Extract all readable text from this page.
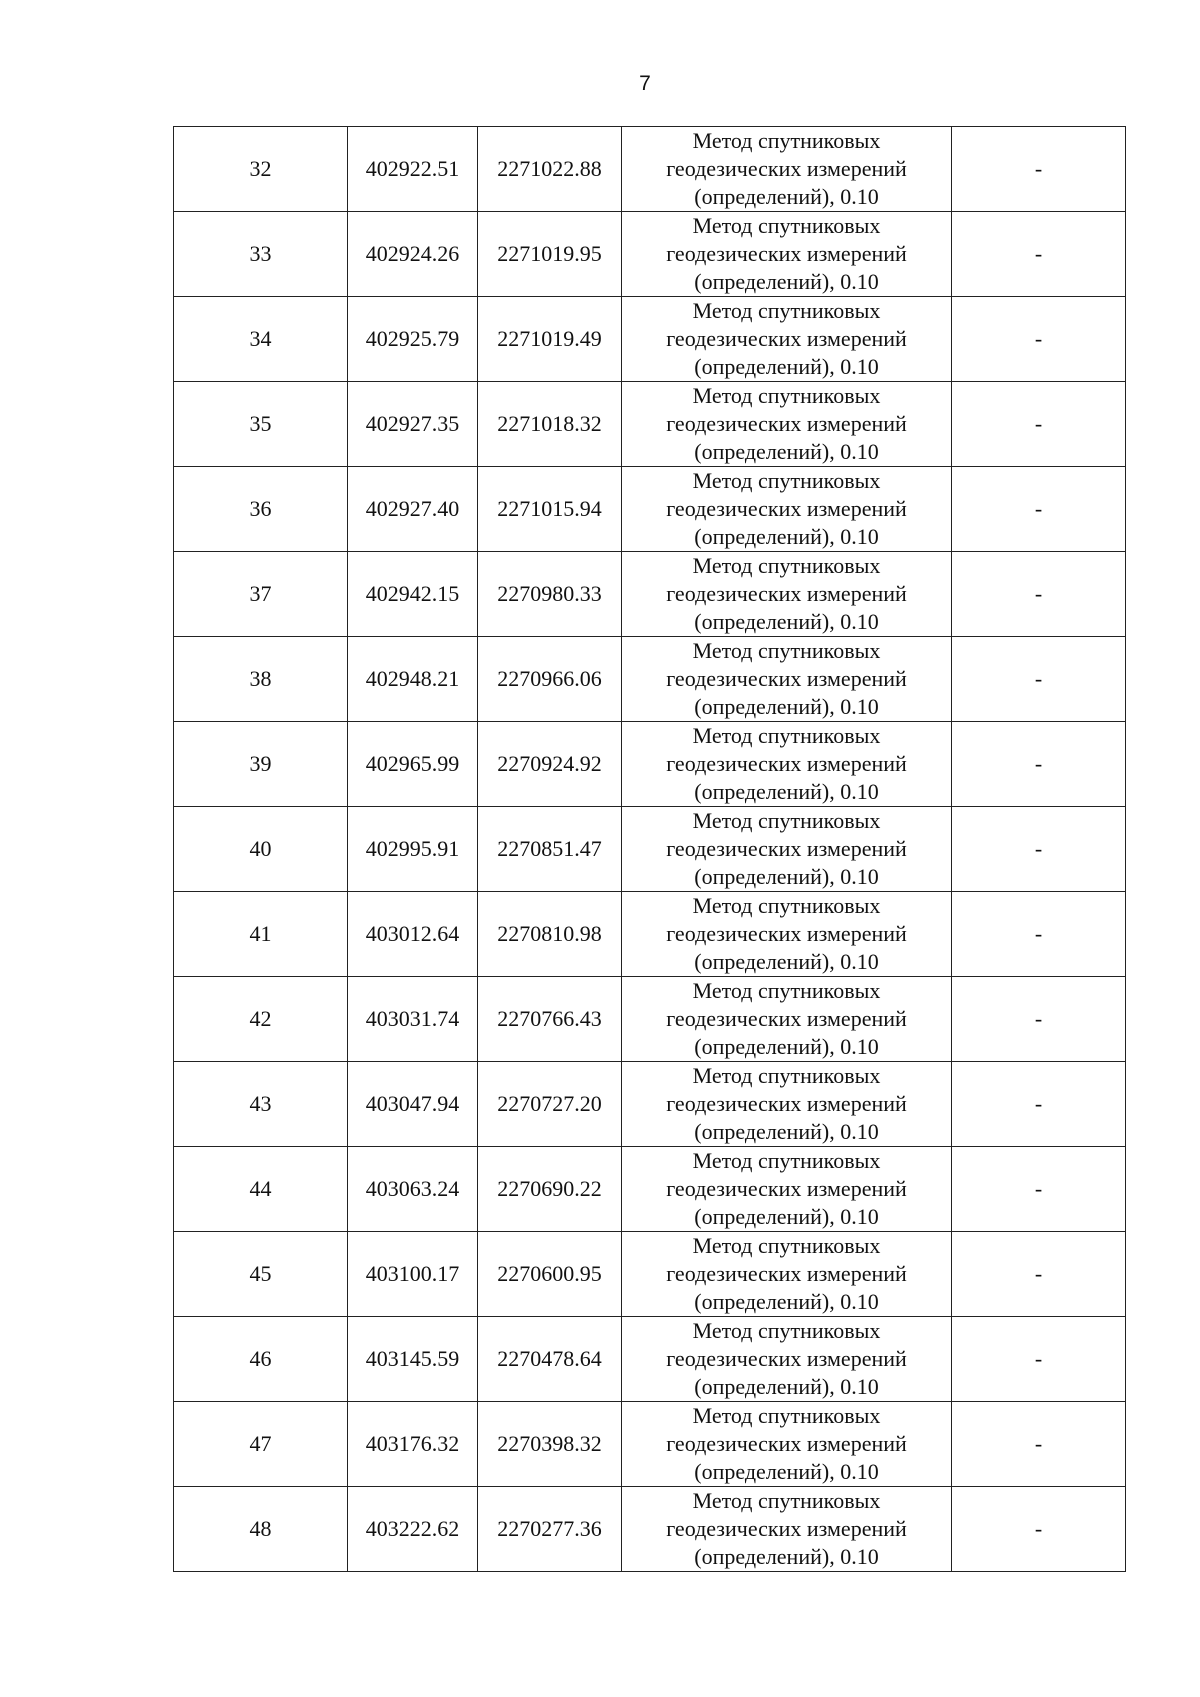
7
32	402922.51	2271022.88	Метод спутниковых
геодезических измерений
(определений), 0.10	-
33	402924.26	2271019.95	Метод спутниковых
геодезических измерений
(определений), 0.10	-
34	402925.79	2271019.49	Метод спутниковых
геодезических измерений
(определений), 0.10	-
35	402927.35	2271018.32	Метод спутниковых
геодезических измерений
(определений), 0.10	-
36	402927.40	2271015.94	Метод спутниковых
геодезических измерений
(определений), 0.10	-
37	402942.15	2270980.33	Метод спутниковых
геодезических измерений
(определений), 0.10	-
38	402948.21	2270966.06	Метод спутниковых
геодезических измерений
(определений), 0.10	-
39	402965.99	2270924.92	Метод спутниковых
геодезических измерений
(определений), 0.10	-
40	402995.91	2270851.47	Метод спутниковых
геодезических измерений
(определений), 0.10	-
41	403012.64	2270810.98	Метод спутниковых
геодезических измерений
(определений), 0.10	-
42	403031.74	2270766.43	Метод спутниковых
геодезических измерений
(определений), 0.10	-
43	403047.94	2270727.20	Метод спутниковых
геодезических измерений
(определений), 0.10	-
44	403063.24	2270690.22	Метод спутниковых
геодезических измерений
(определений), 0.10	-
45	403100.17	2270600.95	Метод спутниковых
геодезических измерений
(определений), 0.10	-
46	403145.59	2270478.64	Метод спутниковых
геодезических измерений
(определений), 0.10	-
47	403176.32	2270398.32	Метод спутниковых
геодезических измерений
(определений), 0.10	-
48	403222.62	2270277.36	Метод спутниковых
геодезических измерений
(определений), 0.10	-
